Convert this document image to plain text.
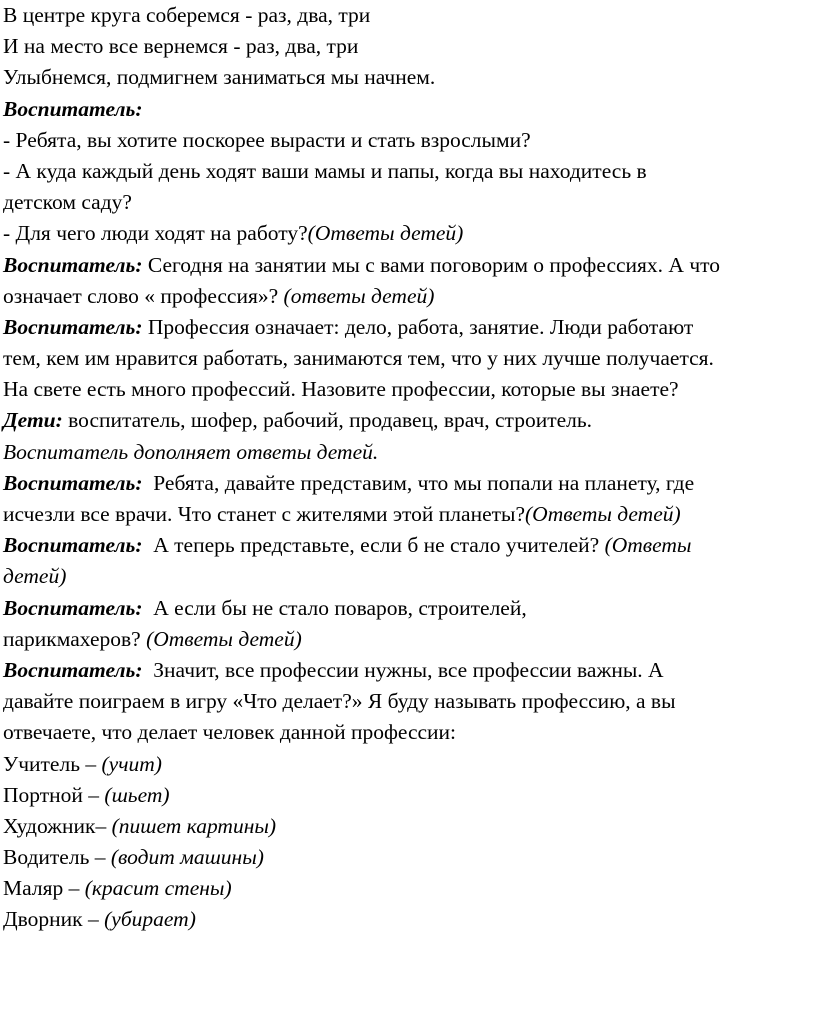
В центре круга соберемся - раз, два, три
И на место все вернемся - раз, два, три
Улыбнемся, подмигнем заниматься мы начнем.
Воспитатель:
- Ребята, вы хотите поскорее вырасти и стать взрослыми?
- А куда каждый день ходят ваши мамы и папы, когда вы находитесь в
детском саду?
- Для чего люди ходят на работу?(Ответы детей)
Воспитатель: Сегодня на занятии мы с вами поговорим о профессиях. А что
означает слово « профессия»? (ответы детей)
Воспитатель: Профессия означает: дело, работа, занятие. Люди работают
тем, кем им нравится работать, занимаются тем, что у них лучше получается.
На свете есть много профессий. Назовите профессии, которые вы знаете?
Дети: воспитатель, шофер, рабочий, продавец, врач, строитель.
Воспитатель дополняет ответы детей.
Воспитатель:  Ребята, давайте представим, что мы попали на планету, где
исчезли все врачи. Что станет с жителями этой планеты?(Ответы детей)
Воспитатель:  А теперь представьте, если б не стало учителей? (Ответы
детей)
Воспитатель:  А если бы не стало поваров, строителей,
парикмахеров? (Ответы детей)
Воспитатель:  Значит, все профессии нужны, все профессии важны. А
давайте поиграем в игру «Что делает?» Я буду называть профессию, а вы
отвечаете, что делает человек данной профессии:
Учитель – (учит)
Портной – (шьет)
Художник– (пишет картины)
Водитель – (водит машины)
Маляр – (красит стены)
Дворник – (убирает)
